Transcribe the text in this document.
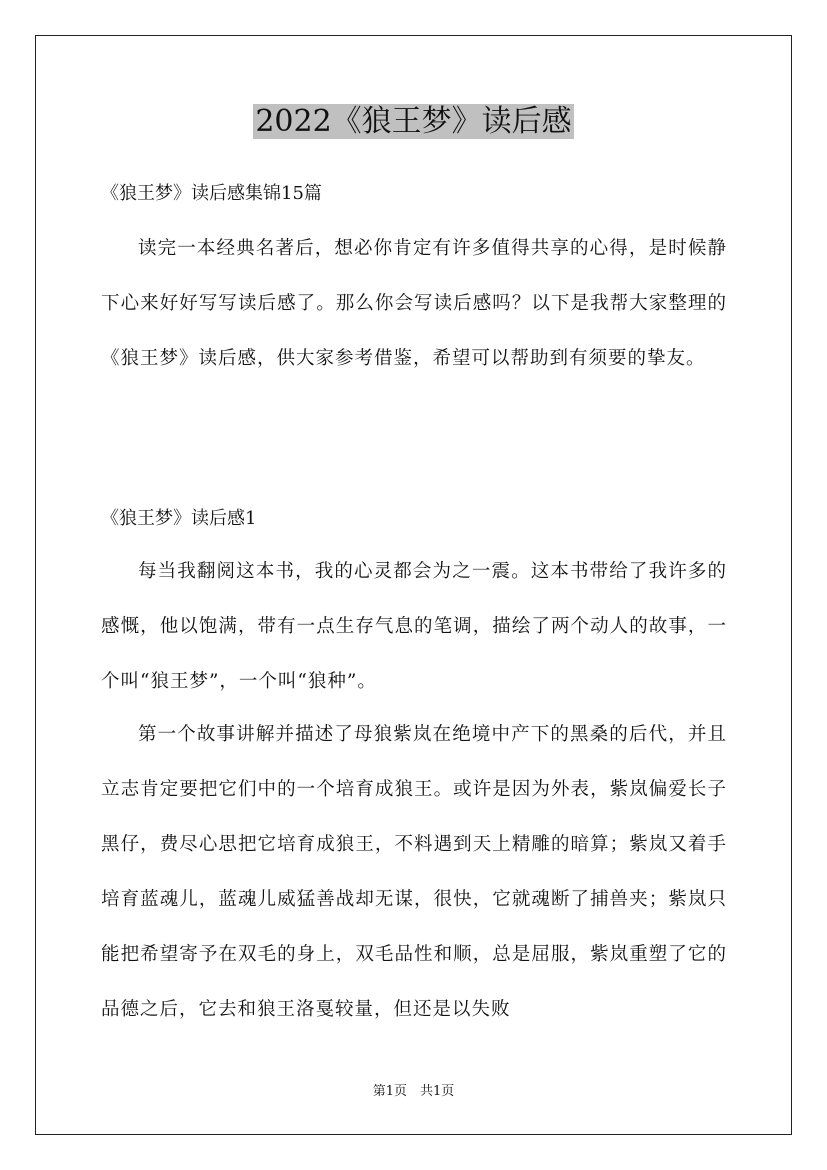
2022《狼王梦》读后感

《狼王梦》读后感集锦15篇

读完一本经典名著后，想必你肯定有许多值得共享的心得，是时候静下心来好好写写读后感了。那么你会写读后感吗？以下是我帮大家整理的《狼王梦》读后感，供大家参考借鉴，希望可以帮助到有须要的挚友。

《狼王梦》读后感1

每当我翻阅这本书，我的心灵都会为之一震。这本书带给了我许多的感慨，他以饱满，带有一点生存气息的笔调，描绘了两个动人的故事，一个叫“狼王梦”，一个叫“狼种”。

第一个故事讲解并描述了母狼紫岚在绝境中产下的黑桑的后代，并且立志肯定要把它们中的一个培育成狼王。或许是因为外表，紫岚偏爱长子黑仔，费尽心思把它培育成狼王，不料遇到天上精雕的暗算；紫岚又着手培育蓝魂儿，蓝魂儿威猛善战却无谋，很快，它就魂断了捕兽夹；紫岚只能把希望寄予在双毛的身上，双毛品性和顺，总是屈服，紫岚重塑了它的品德之后，它去和狼王洛戛较量，但还是以失败

第1页　共1页
